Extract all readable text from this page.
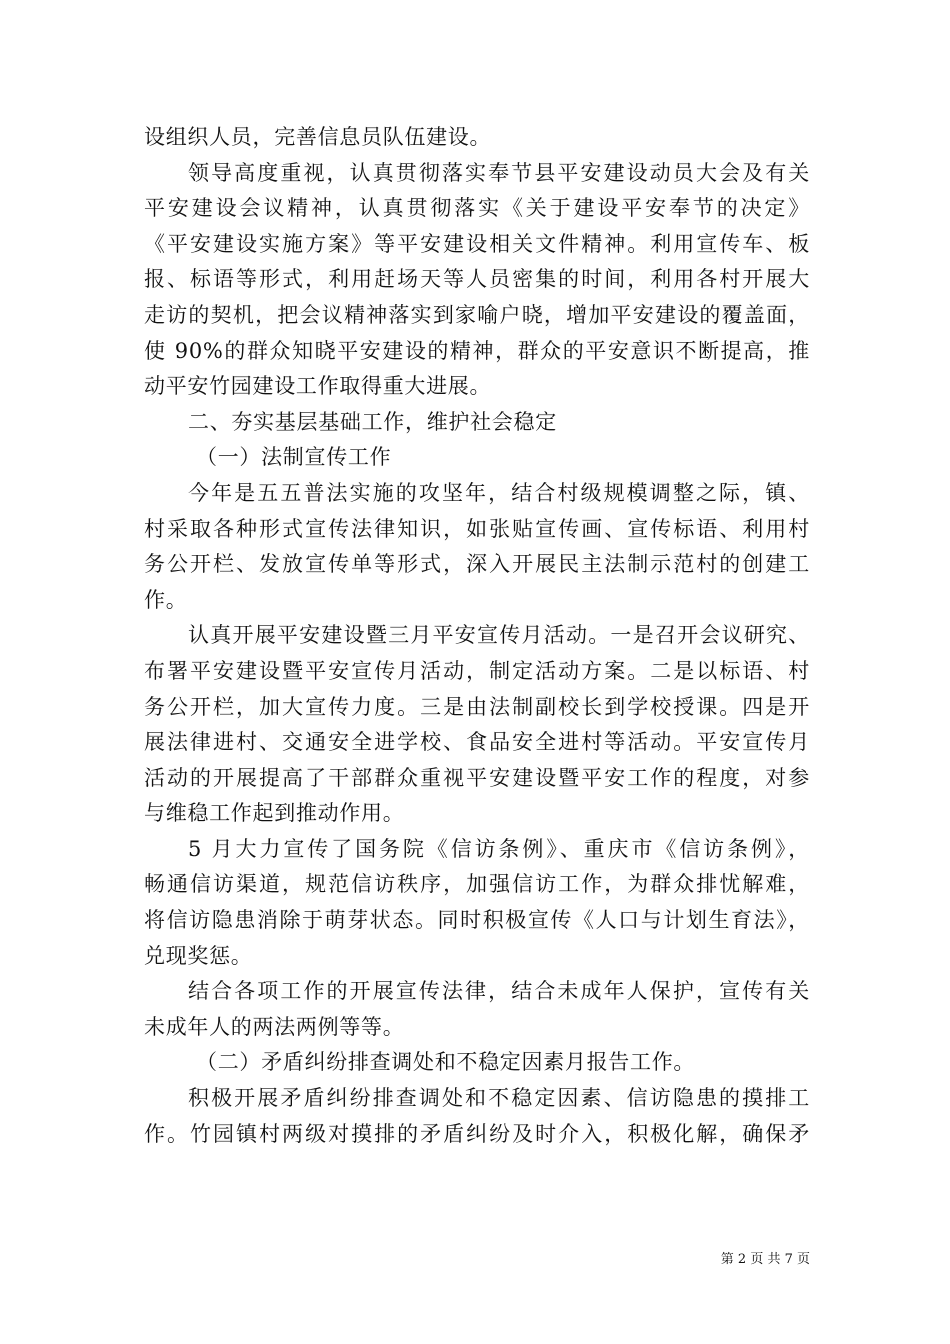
设组织人员，完善信息员队伍建设。
领导高度重视，认真贯彻落实奉节县平安建设动员大会及有关
平安建设会议精神，认真贯彻落实《关于建设平安奉节的决定》
《平安建设实施方案》等平安建设相关文件精神。利用宣传车、板
报、标语等形式，利用赶场天等人员密集的时间，利用各村开展大
走访的契机，把会议精神落实到家喻户晓，增加平安建设的覆盖面，
使 90%的群众知晓平安建设的精神，群众的平安意识不断提高，推
动平安竹园建设工作取得重大进展。
二、夯实基层基础工作，维护社会稳定
（一）法制宣传工作
今年是五五普法实施的攻坚年，结合村级规模调整之际，镇、
村采取各种形式宣传法律知识，如张贴宣传画、宣传标语、利用村
务公开栏、发放宣传单等形式，深入开展民主法制示范村的创建工
作。
认真开展平安建设暨三月平安宣传月活动。一是召开会议研究、
布署平安建设暨平安宣传月活动，制定活动方案。二是以标语、村
务公开栏，加大宣传力度。三是由法制副校长到学校授课。四是开
展法律进村、交通安全进学校、食品安全进村等活动。平安宣传月
活动的开展提高了干部群众重视平安建设暨平安工作的程度，对参
与维稳工作起到推动作用。
5 月大力宣传了国务院《信访条例》、重庆市《信访条例》，
畅通信访渠道，规范信访秩序，加强信访工作，为群众排忧解难，
将信访隐患消除于萌芽状态。同时积极宣传《人口与计划生育法》，
兑现奖惩。
结合各项工作的开展宣传法律，结合未成年人保护，宣传有关
未成年人的两法两例等等。
（二）矛盾纠纷排查调处和不稳定因素月报告工作。
积极开展矛盾纠纷排查调处和不稳定因素、信访隐患的摸排工
作。竹园镇村两级对摸排的矛盾纠纷及时介入，积极化解，确保矛
第 2 页 共 7 页
